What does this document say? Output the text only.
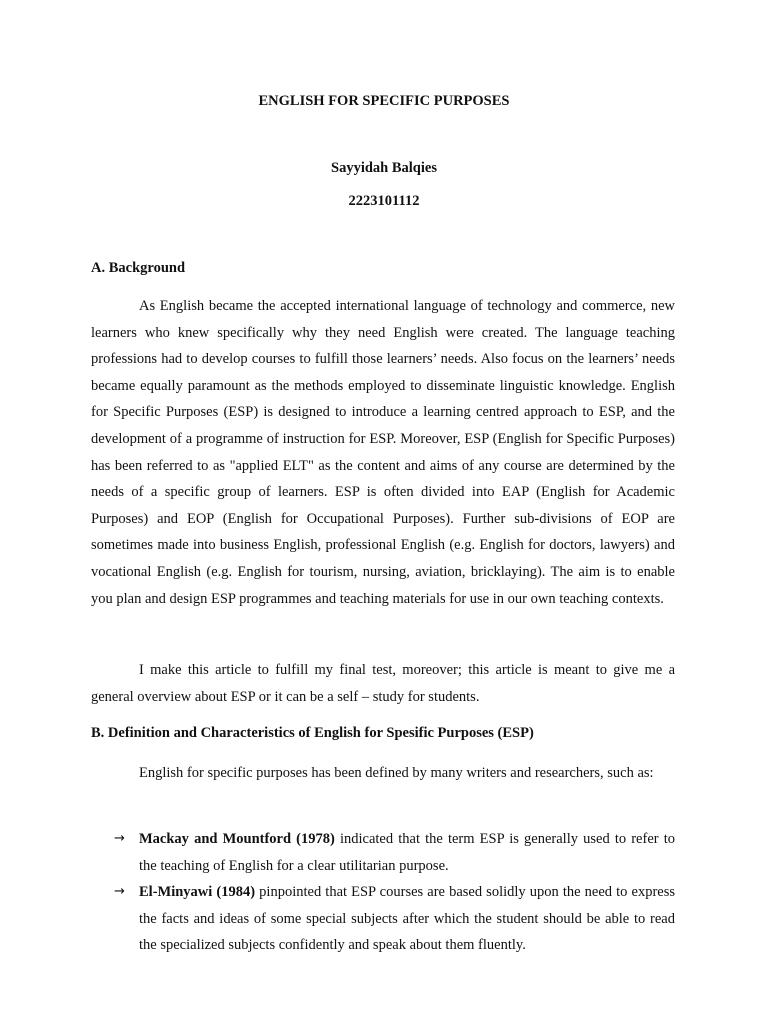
ENGLISH FOR SPECIFIC PURPOSES
Sayyidah Balqies
2223101112
A. Background

As English became the accepted international language of technology and commerce, new learners who knew specifically why they need English were created. The language teaching professions had to develop courses to fulfill those learners’ needs. Also focus on the learners’ needs became equally paramount as the methods employed to disseminate linguistic knowledge. English for Specific Purposes (ESP) is designed to introduce a learning centred approach to ESP, and the development of a programme of instruction for ESP. Moreover, ESP (English for Specific Purposes) has been referred to as "applied ELT" as the content and aims of any course are determined by the needs of a specific group of learners. ESP is often divided into EAP (English for Academic Purposes) and EOP (English for Occupational Purposes). Further sub-divisions of EOP are sometimes made into business English, professional English (e.g. English for doctors, lawyers) and vocational English (e.g. English for tourism, nursing, aviation, bricklaying). The aim is to enable you plan and design ESP programmes and teaching materials for use in our own teaching contexts.

I make this article to fulfill my final test, moreover; this article is meant to give me a general overview about ESP or it can be a self – study for students.

B. Definition and Characteristics of English for Spesific Purposes (ESP)

English for specific purposes has been defined by many writers and researchers, such as:

→ Mackay and Mountford (1978) indicated that the term ESP is generally used to refer to the teaching of English for a clear utilitarian purpose.
→ El-Minyawi (1984) pinpointed that ESP courses are based solidly upon the need to express the facts and ideas of some special subjects after which the student should be able to read the specialized subjects confidently and speak about them fluently.
